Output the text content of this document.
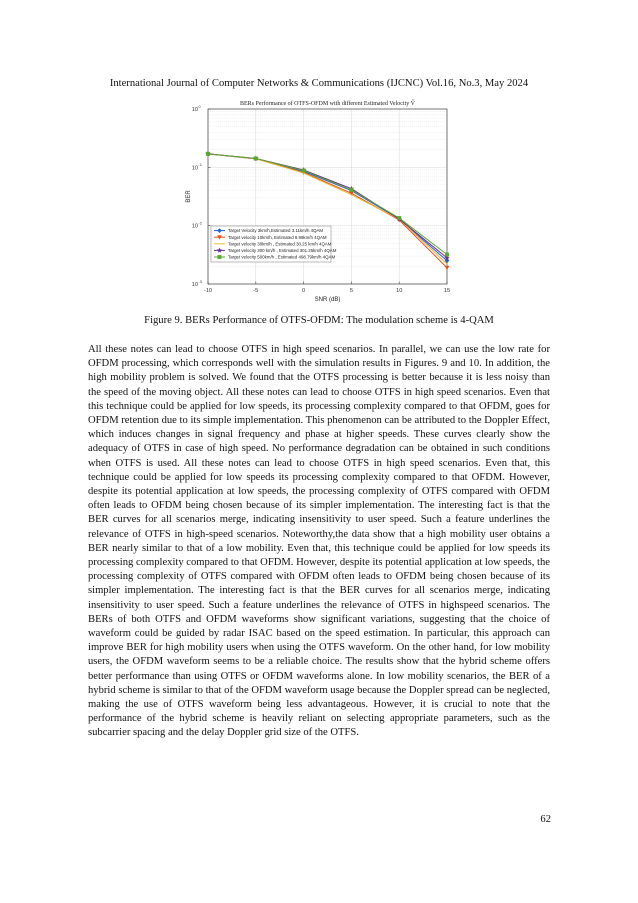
International Journal of Computer Networks & Communications (IJCNC) Vol.16, No.3, May 2024
-10	-5	0	5	10	15
10
0
10
-1
10
-2
10
-3
BERs Performance of OTFS-OFDM with different Estimated Velocity V̂
SNR (dB)
BER
Target Velocity 3km/h,Estimated 3.11km/h 4QAM
Target velocity 10km/h, Estimated 9.99km/h 4QAM
Target velocity 30km/h , Estimated 30.25 km/h 4QAM
Target velocity 300 km/h , Estimated 301.25km/h 4QAM
Target velocity 500km/h , Estimated 498.79km/h 4QAM
Figure 9. BERs Performance of OTFS-OFDM: The modulation scheme is 4-QAM

All these notes can lead to choose OTFS in high speed scenarios. In parallel, we can use the low rate for OFDM processing, which corresponds well with the simulation results in Figures. 9 and 10. In addition, the high mobility problem is solved. We found that the OTFS processing is better because it is less noisy than the speed of the moving object. All these notes can lead to choose OTFS in high speed scenarios. Even that this technique could be applied for low speeds, its processing complexity compared to that OFDM, goes for OFDM retention due to its simple implementation. This phenomenon can be attributed to the Doppler Effect, which induces changes in signal frequency and phase at higher speeds. These curves clearly show the adequacy of OTFS in case of high speed. No performance degradation can be obtained in such conditions when OTFS is used. All these notes can lead to choose OTFS in high speed scenarios. Even that, this technique could be applied for low speeds its processing complexity compared to that OFDM. However, despite its potential application at low speeds, the processing complexity of OTFS compared with OFDM often leads to OFDM being chosen because of its simpler implementation. The interesting fact is that the BER curves for all scenarios merge, indicating insensitivity to user speed. Such a feature underlines the relevance of OTFS in high-speed scenarios. Noteworthy,the data show that a high mobility user obtains a BER nearly similar to that of a low mobility. Even that, this technique could be applied for low speeds its processing complexity compared to that OFDM. However, despite its potential application at low speeds, the processing complexity of OTFS compared with OFDM often leads to OFDM being chosen because of its simpler implementation. The interesting fact is that the BER curves for all scenarios merge, indicating insensitivity to user speed. Such a feature underlines the relevance of OTFS in highspeed scenarios. The BERs of both OTFS and OFDM waveforms show significant variations, suggesting that the choice of waveform could be guided by radar ISAC based on the speed estimation. In particular, this approach can improve BER for high mobility users when using the OTFS waveform. On the other hand, for low mobility users, the OFDM waveform seems to be a reliable choice. The results show that the hybrid scheme offers better performance than using OTFS or OFDM waveforms alone. In low mobility scenarios, the BER of a hybrid scheme is similar to that of the OFDM waveform usage because the Doppler spread can be neglected, making the use of OTFS waveform being less advantageous. However, it is crucial to note that the performance of the hybrid scheme is heavily reliant on selecting appropriate parameters, such as the subcarrier spacing and the delay Doppler grid size of the OTFS.

62
